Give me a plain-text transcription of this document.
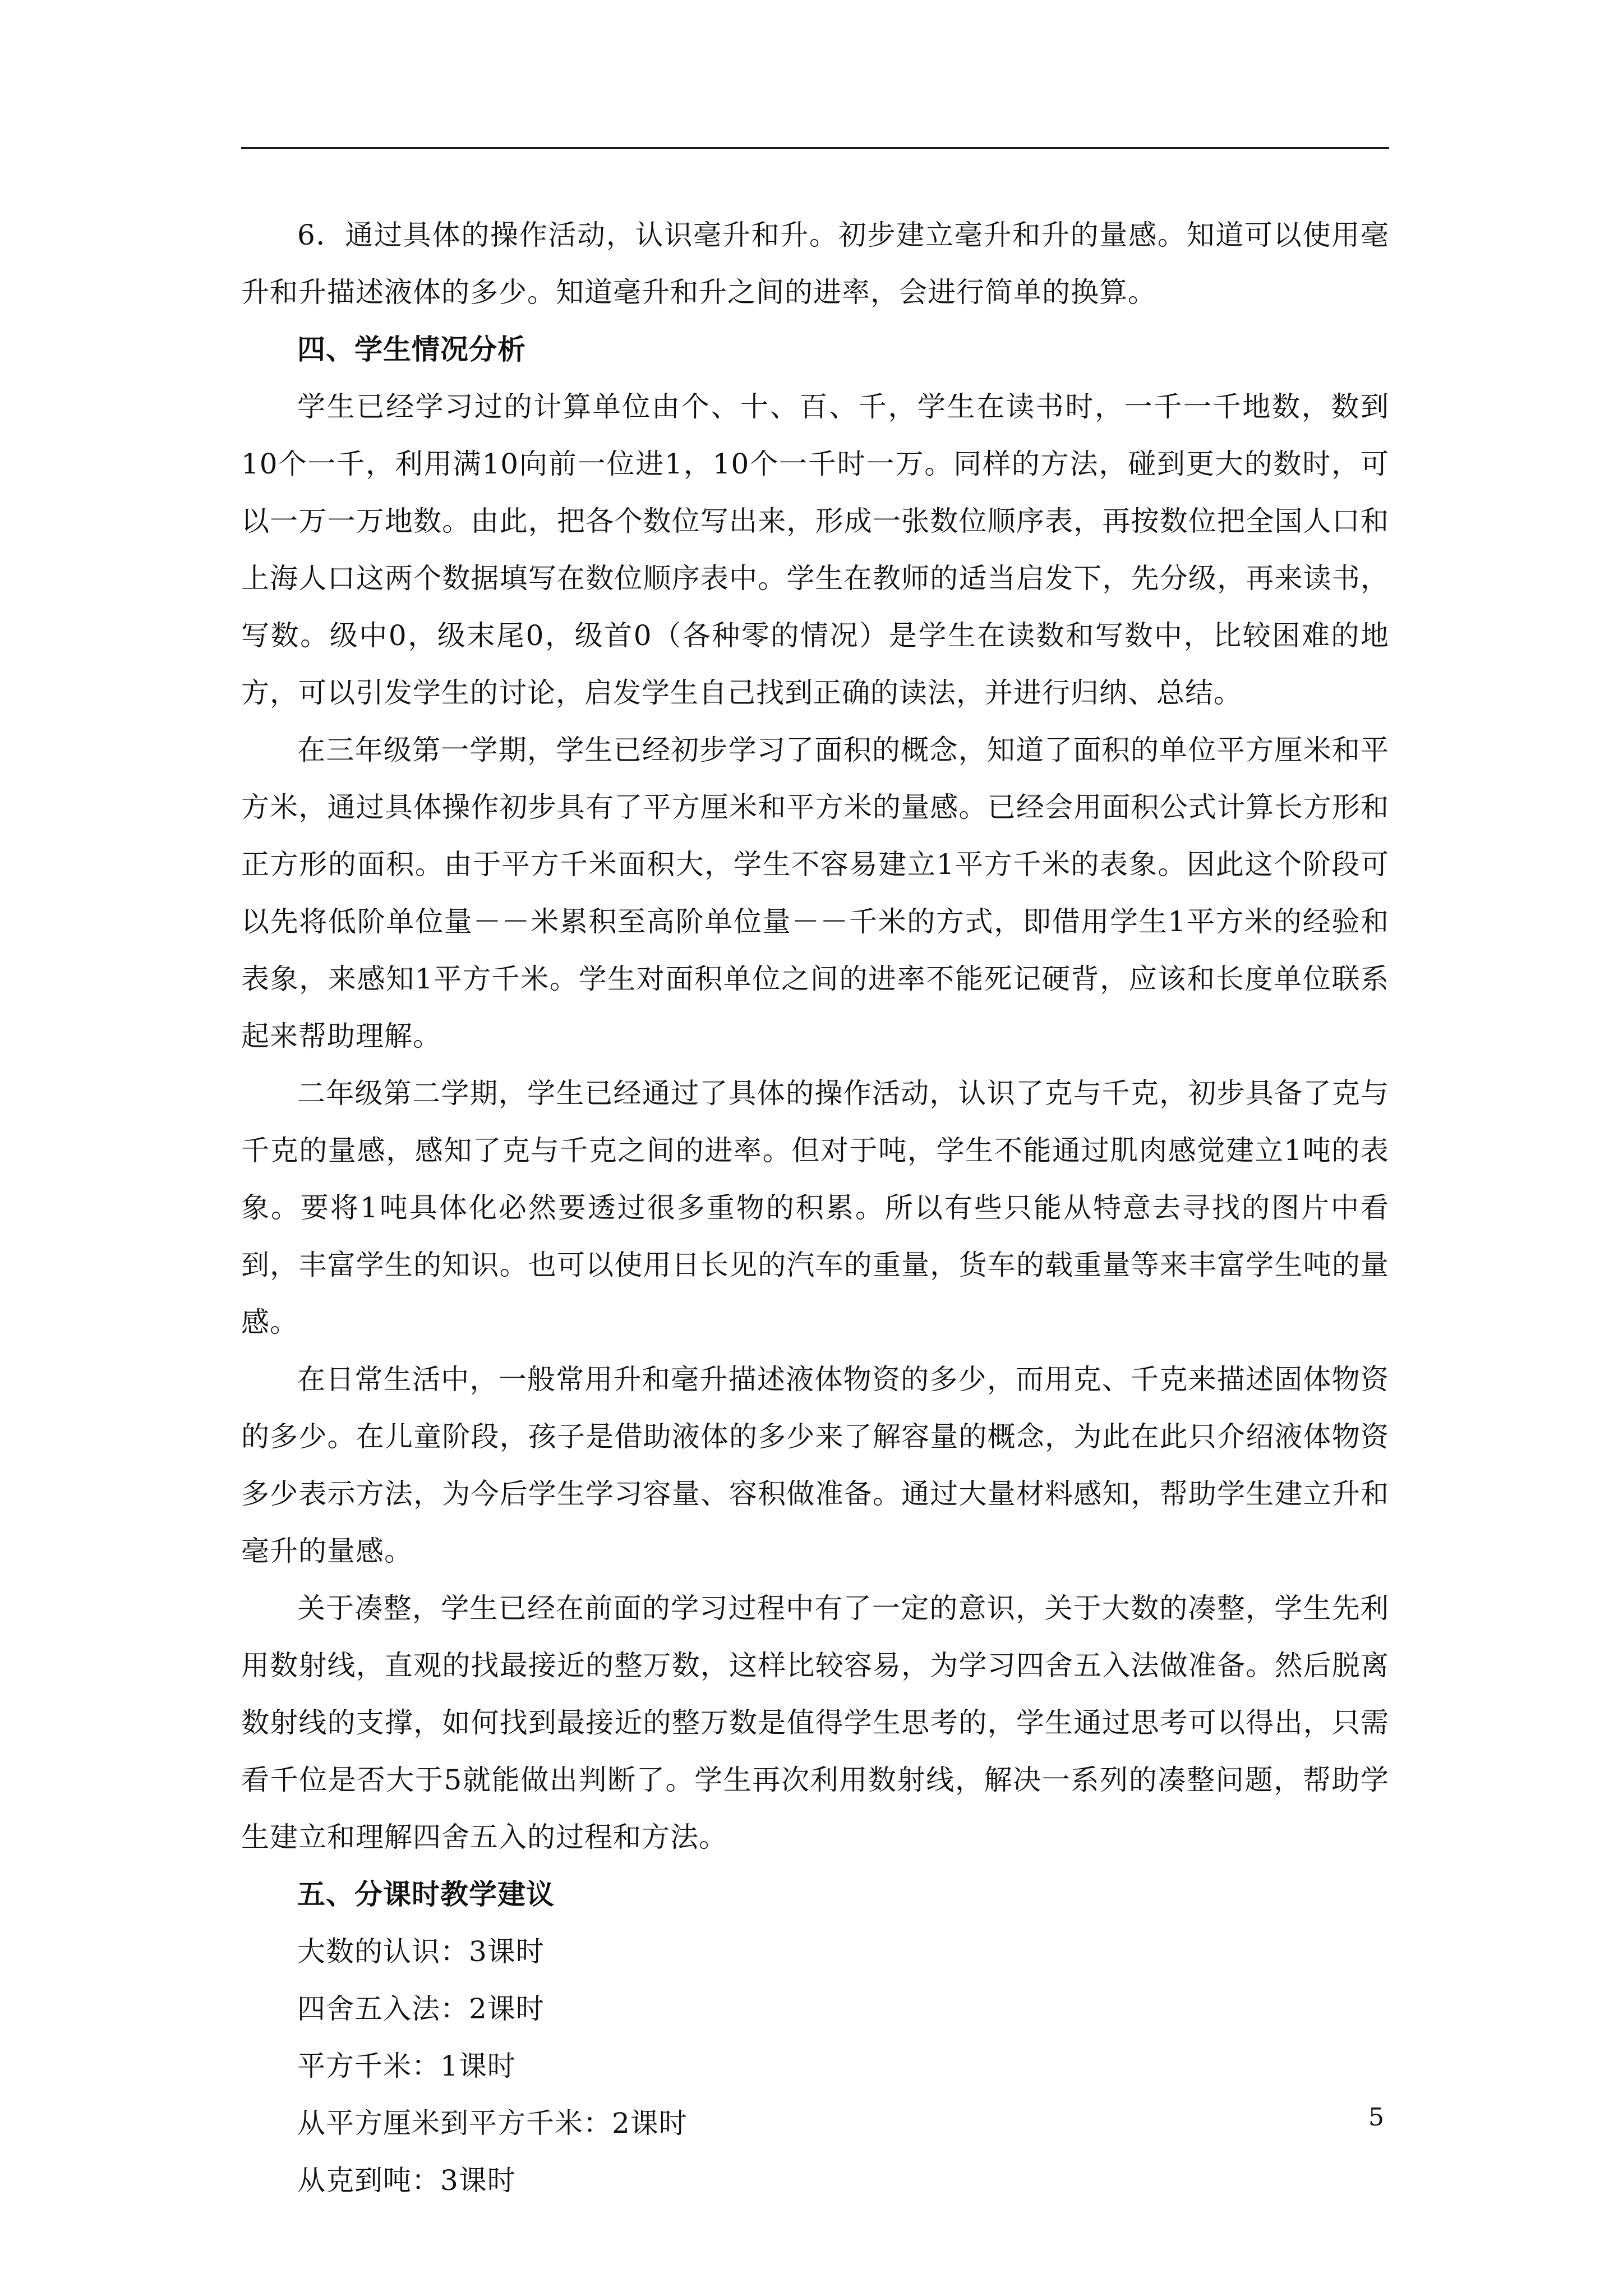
6．通过具体的操作活动，认识毫升和升。初步建立毫升和升的量感。知道可以使用毫升和升描述液体的多少。知道毫升和升之间的进率，会进行简单的换算。

四、学生情况分析

学生已经学习过的计算单位由个、十、百、千，学生在读书时，一千一千地数，数到10个一千，利用满10向前一位进1，10个一千时一万。同样的方法，碰到更大的数时，可以一万一万地数。由此，把各个数位写出来，形成一张数位顺序表，再按数位把全国人口和上海人口这两个数据填写在数位顺序表中。学生在教师的适当启发下，先分级，再来读书，写数。级中0，级末尾0，级首0（各种零的情况）是学生在读数和写数中，比较困难的地方，可以引发学生的讨论，启发学生自己找到正确的读法，并进行归纳、总结。

在三年级第一学期，学生已经初步学习了面积的概念，知道了面积的单位平方厘米和平方米，通过具体操作初步具有了平方厘米和平方米的量感。已经会用面积公式计算长方形和正方形的面积。由于平方千米面积大，学生不容易建立1平方千米的表象。因此这个阶段可以先将低阶单位量－－米累积至高阶单位量－－千米的方式，即借用学生1平方米的经验和表象，来感知1平方千米。学生对面积单位之间的进率不能死记硬背，应该和长度单位联系起来帮助理解。

二年级第二学期，学生已经通过了具体的操作活动，认识了克与千克，初步具备了克与千克的量感，感知了克与千克之间的进率。但对于吨，学生不能通过肌肉感觉建立1吨的表象。要将1吨具体化必然要透过很多重物的积累。所以有些只能从特意去寻找的图片中看到，丰富学生的知识。也可以使用日长见的汽车的重量，货车的载重量等来丰富学生吨的量感。

在日常生活中，一般常用升和毫升描述液体物资的多少，而用克、千克来描述固体物资的多少。在儿童阶段，孩子是借助液体的多少来了解容量的概念，为此在此只介绍液体物资多少表示方法，为今后学生学习容量、容积做准备。通过大量材料感知，帮助学生建立升和毫升的量感。

关于凑整，学生已经在前面的学习过程中有了一定的意识，关于大数的凑整，学生先利用数射线，直观的找最接近的整万数，这样比较容易，为学习四舍五入法做准备。然后脱离数射线的支撑，如何找到最接近的整万数是值得学生思考的，学生通过思考可以得出，只需看千位是否大于5就能做出判断了。学生再次利用数射线，解决一系列的凑整问题，帮助学生建立和理解四舍五入的过程和方法。

五、分课时教学建议

大数的认识：3课时

四舍五入法：2课时

平方千米：1课时

从平方厘米到平方千米：2课时

从克到吨：3课时

5
